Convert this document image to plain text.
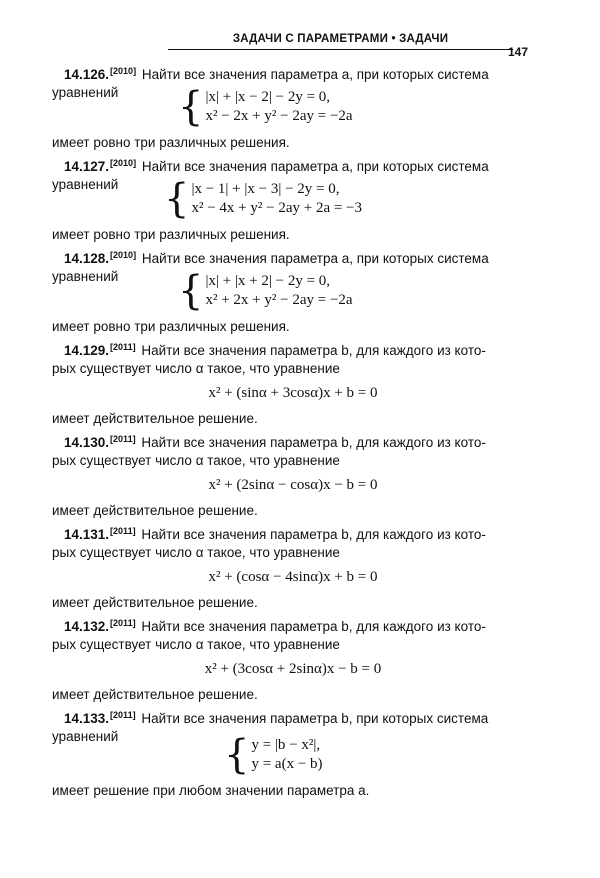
ЗАДАЧИ С ПАРАМЕТРАМИ • ЗАДАЧИ
147
14.126.[2010] Найти все значения параметра a, при которых система
уравнений	{ |x| + |x − 2| − 2y = 0,
x² − 2x + y² − 2ay = −2a
имеет ровно три различных решения.
14.127.[2010] Найти все значения параметра a, при которых система
уравнений	{ |x − 1| + |x − 3| − 2y = 0,
x² − 4x + y² − 2ay + 2a = −3
имеет ровно три различных решения.
14.128.[2010] Найти все значения параметра a, при которых система
уравнений	{ |x| + |x + 2| − 2y = 0,
x² + 2x + y² − 2ay = −2a
имеет ровно три различных решения.
14.129.[2011] Найти все значения параметра b, для каждого из кото-
рых существует число α такое, что уравнение
x² + (sinα + 3cosα)x + b = 0
имеет действительное решение.
14.130.[2011] Найти все значения параметра b, для каждого из кото-
рых существует число α такое, что уравнение
x² + (2sinα − cosα)x − b = 0
имеет действительное решение.
14.131.[2011] Найти все значения параметра b, для каждого из кото-
рых существует число α такое, что уравнение
x² + (cosα − 4sinα)x + b = 0
имеет действительное решение.
14.132.[2011] Найти все значения параметра b, для каждого из кото-
рых существует число α такое, что уравнение
x² + (3cosα + 2sinα)x − b = 0
имеет действительное решение.
14.133.[2011] Найти все значения параметра b, при которых система
уравнений	{ y = |b − x²|,
y = a(x − b)
имеет решение при любом значении параметра a.
